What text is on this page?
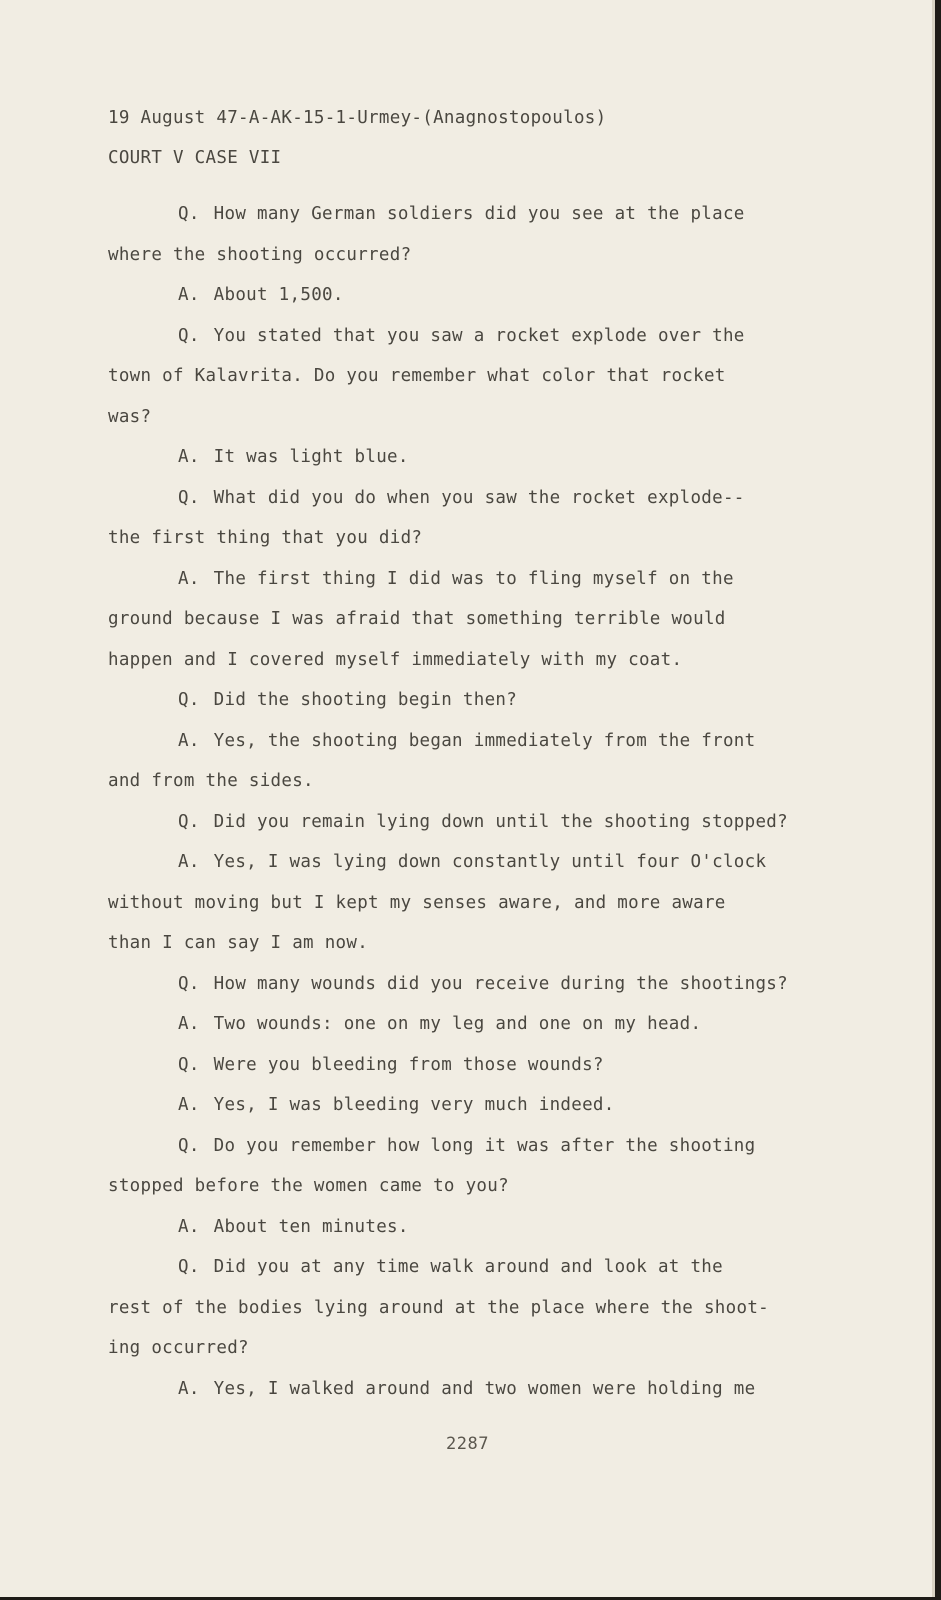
19 August 47-A-AK-15-1-Urmey-(Anagnostopoulos)
COURT V CASE VII
Q. How many German soldiers did you see at the place
where the shooting occurred?
A. About 1,500.
Q. You stated that you saw a rocket explode over the
town of Kalavrita. Do you remember what color that rocket
was?
A. It was light blue.
Q. What did you do when you saw the rocket explode--
the first thing that you did?
A. The first thing I did was to fling myself on the
ground because I was afraid that something terrible would
happen and I covered myself immediately with my coat.
Q. Did the shooting begin then?
A. Yes, the shooting began immediately from the front
and from the sides.
Q. Did you remain lying down until the shooting stopped?
A. Yes, I was lying down constantly until four O'clock
without moving but I kept my senses aware, and more aware
than I can say I am now.
Q. How many wounds did you receive during the shootings?
A. Two wounds: one on my leg and one on my head.
Q. Were you bleeding from those wounds?
A. Yes, I was bleeding very much indeed.
Q. Do you remember how long it was after the shooting
stopped before the women came to you?
A. About ten minutes.
Q. Did you at any time walk around and look at the
rest of the bodies lying around at the place where the shoot-
ing occurred?
A. Yes, I walked around and two women were holding me
2287
